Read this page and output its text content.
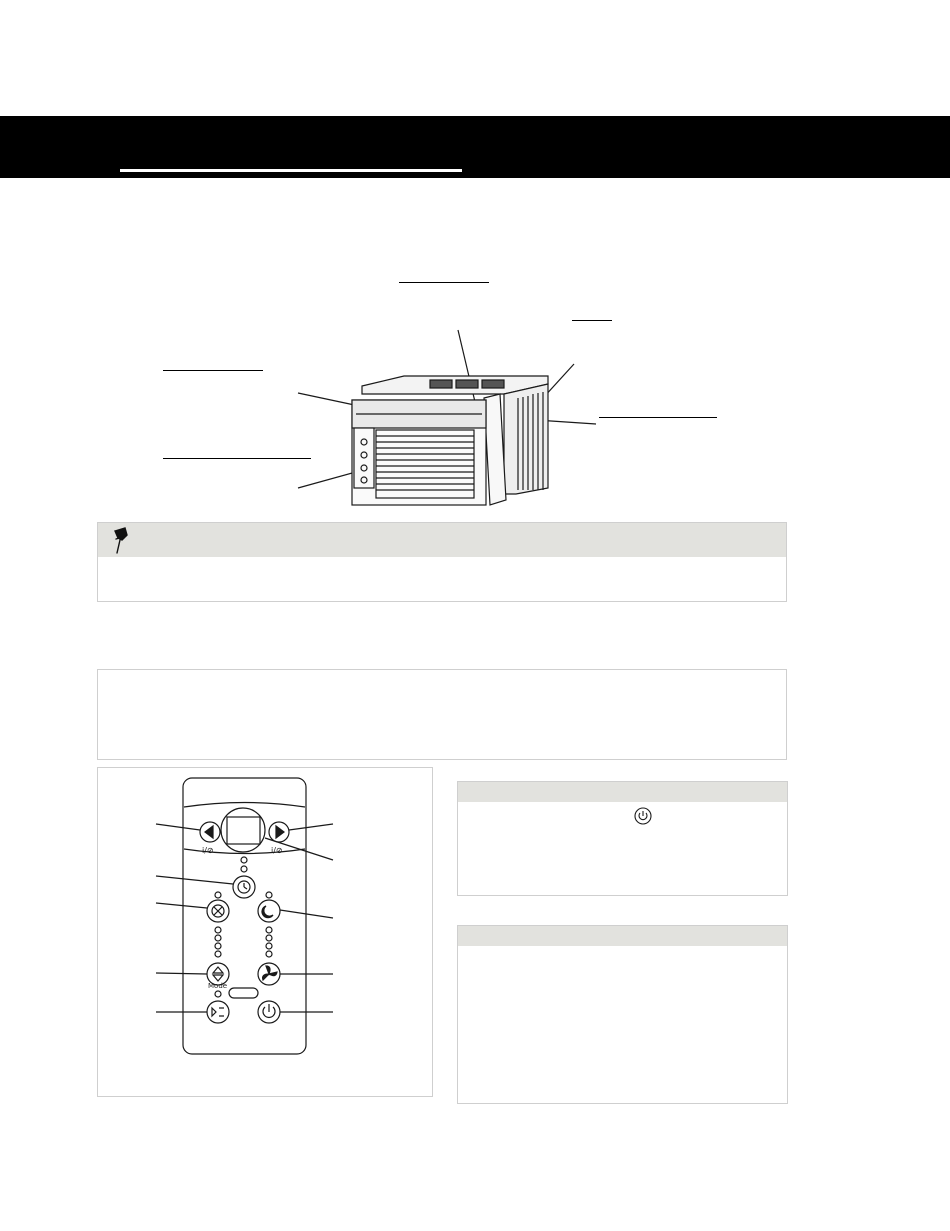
i/⊘	i/⊘
Mode
